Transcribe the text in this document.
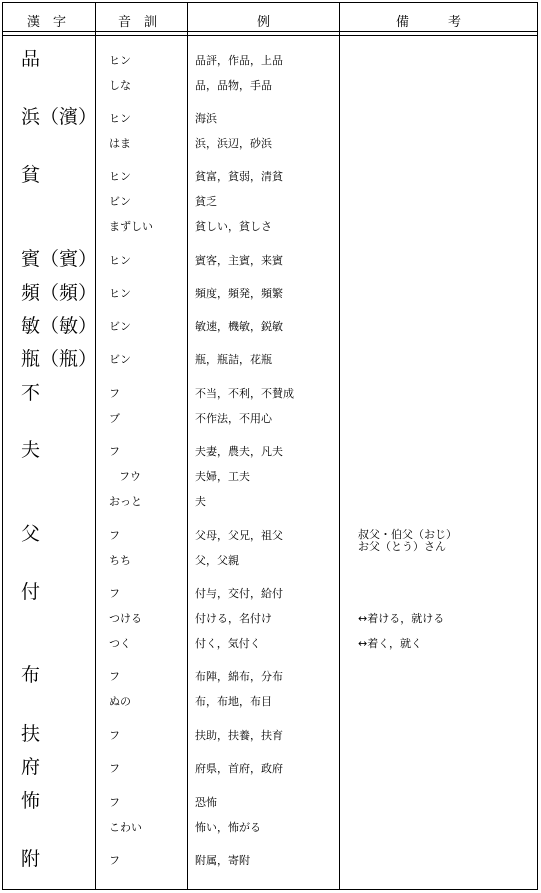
漢　字	音　訓	例	備　　　考
品	ヒン	品評，作品，上品
しな	品，品物，手品
浜（濱） ヒン	海浜
はま	浜，浜辺，砂浜
貧	ヒン	貧富，貧弱，清貧
ビン	貧乏
まずしい	貧しい，貧しさ
賓（賓） ヒン	賓客，主賓，来賓
頻（頻） ヒン	頻度，頻発，頻繁
敏（敏） ビン	敏速，機敏，鋭敏
瓶（瓶） ビン	瓶，瓶詰，花瓶
不	フ	不当，不利，不賛成
ブ	不作法，不用心
夫	フ	夫妻，農夫，凡夫
フウ	夫婦，工夫
おっと	夫
父	フ	父母，父兄，祖父	叔父・伯父（おじ）
お父（とう）さん
ちち	父，父親
付	フ	付与，交付，給付
つける	付ける，名付け	↔着ける，就ける
つく	付く，気付く	↔着く，就く
布	フ	布陣，綿布，分布
ぬの	布，布地，布目
扶	フ	扶助，扶養，扶育
府	フ	府県，首府，政府
怖	フ	恐怖
こわい	怖い，怖がる
附	フ	附属，寄附
